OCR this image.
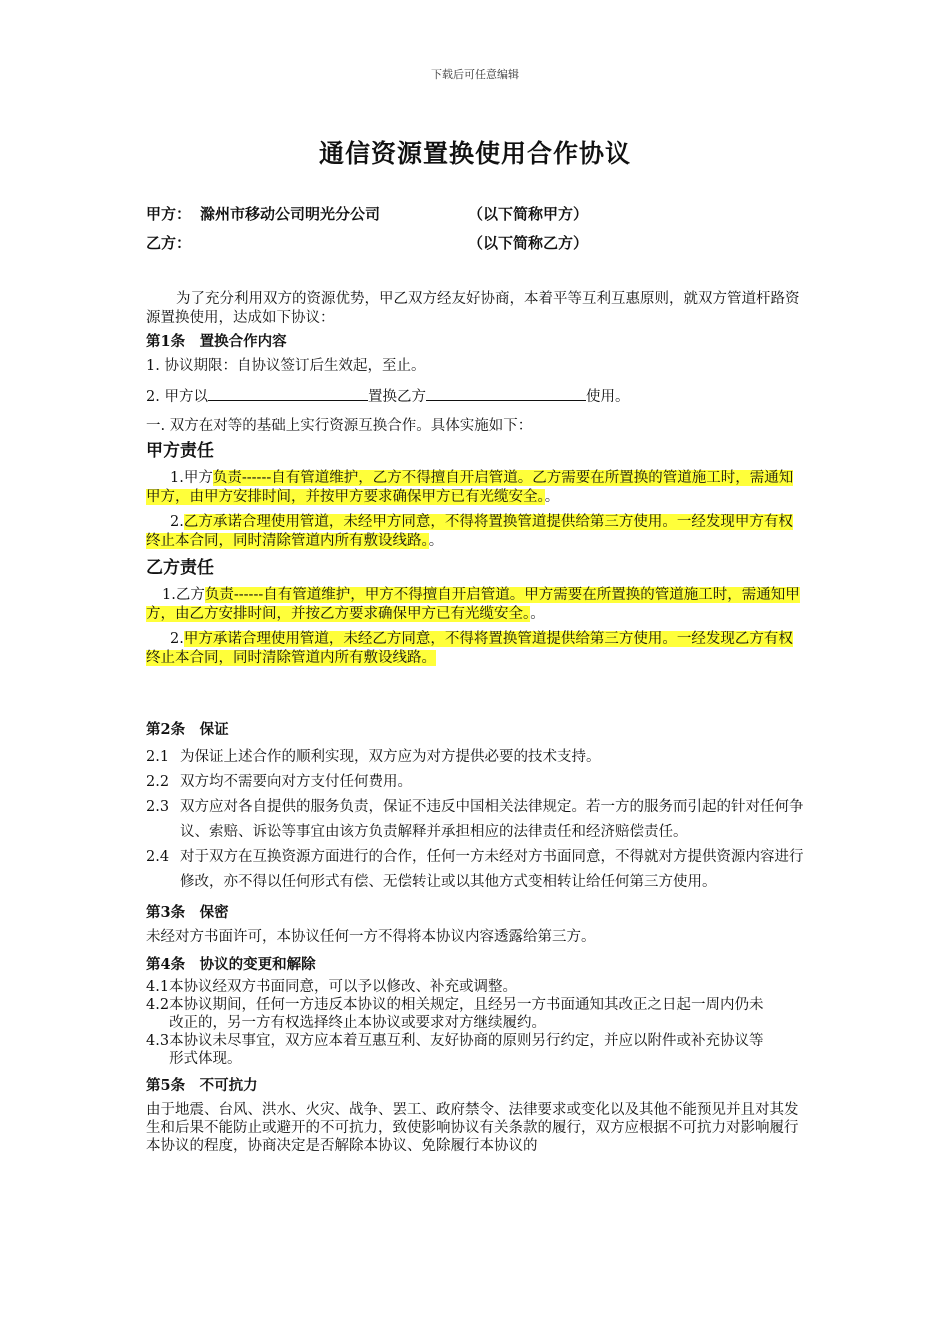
下载后可任意编辑
通信资源置换使用合作协议
甲方： 滁州市移动公司明光分公司	（以下简称甲方）
乙方：	（以下简称乙方）

为了充分利用双方的资源优势，甲乙双方经友好协商，本着平等互利互惠原则，就双方管道杆路资源置换使用，达成如下协议：

第1条　置换合作内容

1. 协议期限：自协议签订后生效起，至止。

2. 甲方以	置换乙方	使用。

一. 双方在对等的基础上实行资源互换合作。具体实施如下：

甲方责任

1.甲方负责------自有管道维护，乙方不得擅自开启管道。乙方需要在所置换的管道施工时，需通知甲方，由甲方安排时间，并按甲方要求确保甲方已有光缆安全。。

2.乙方承诺合理使用管道，未经甲方同意，不得将置换管道提供给第三方使用。一经发现甲方有权终止本合同，同时清除管道内所有敷设线路。。

乙方责任

1.乙方负责------自有管道维护，甲方不得擅自开启管道。甲方需要在所置换的管道施工时，需通知甲方，由乙方安排时间，并按乙方要求确保甲方已有光缆安全。。

2.甲方承诺合理使用管道，未经乙方同意，不得将置换管道提供给第三方使用。一经发现乙方有权终止本合同，同时清除管道内所有敷设线路。

第2条　保证
2.1 为保证上述合作的顺利实现，双方应为对方提供必要的技术支持。
2.2 双方均不需要向对方支付任何费用。
2.3 双方应对各自提供的服务负责，保证不违反中国相关法律规定。若一方的服务而引起的针对任何争议、索赔、诉讼等事宜由该方负责解释并承担相应的法律责任和经济赔偿责任。
2.4 对于双方在互换资源方面进行的合作，任何一方未经对方书面同意，不得就对方提供资源内容进行修改，亦不得以任何形式有偿、无偿转让或以其他方式变相转让给任何第三方使用。
第3条　保密

未经对方书面许可，本协议任何一方不得将本协议内容透露给第三方。

第4条　协议的变更和解除
4.1 本协议经双方书面同意，可以予以修改、补充或调整。
4.2 本协议期间，任何一方违反本协议的相关规定，且经另一方书面通知其改正之日起一周内仍未改正的，另一方有权选择终止本协议或要求对方继续履约。
4.3 本协议未尽事宜，双方应本着互惠互利、友好协商的原则另行约定，并应以附件或补充协议等形式体现。
第5条　不可抗力

由于地震、台风、洪水、火灾、战争、罢工、政府禁令、法律要求或变化以及其他不能预见并且对其发生和后果不能防止或避开的不可抗力，致使影响协议有关条款的履行，双方应根据不可抗力对影响履行本协议的程度，协商决定是否解除本协议、免除履行本协议的
